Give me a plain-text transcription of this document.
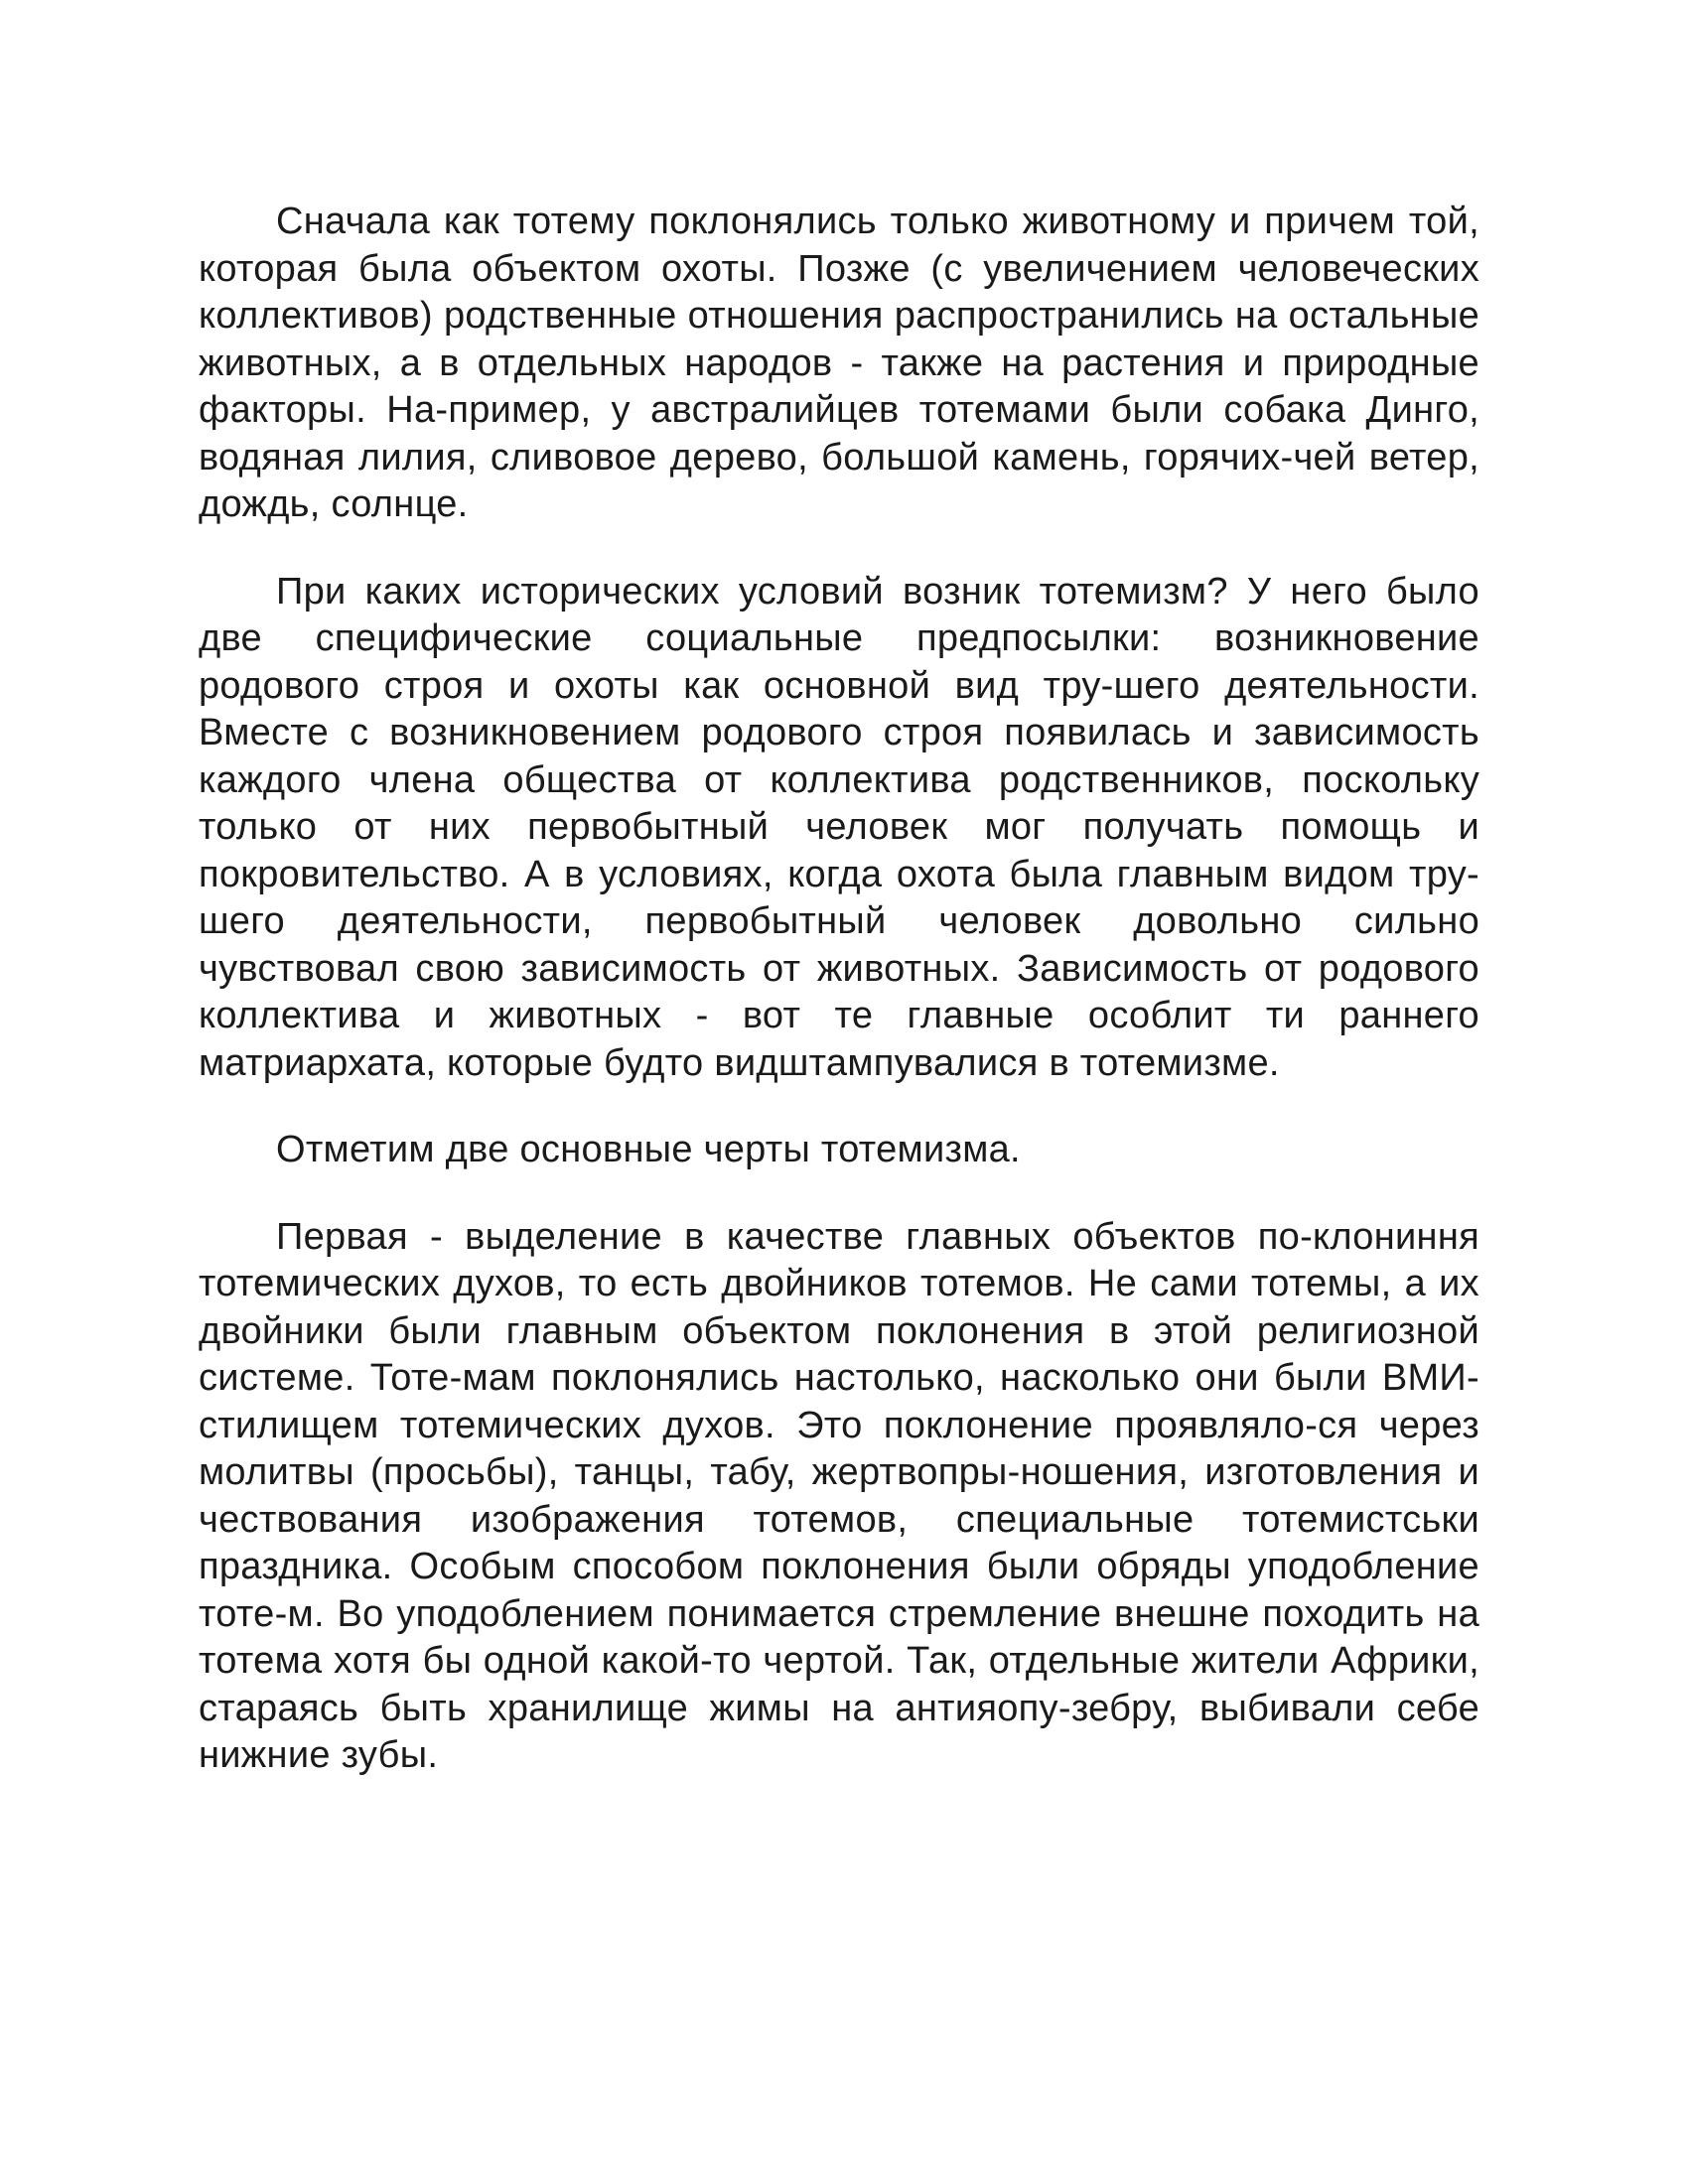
Сначала как тотему поклонялись только животному и причем той, которая была объектом охоты. Позже (с увеличением человеческих коллективов) родственные отношения распространились на остальные животных, а в отдельных народов - также на растения и природные факторы. На-пример, у австралийцев тотемами были собака Динго, водяная лилия, сливовое дерево, большой камень, горячих-чей ветер, дождь, солнце.

При каких исторических условий возник тотемизм? У него было две специфические социальные предпосылки: возникновение родового строя и охоты как основной вид тру-шего деятельности. Вместе с возникновением родового строя появилась и зависимость каждого члена общества от коллектива родственников, поскольку только от них первобытный человек мог получать помощь и покровительство. А в условиях, когда охота была главным видом тру-шего деятельности, первобытный человек довольно сильно чувствовал свою зависимость от животных. Зависимость от родового коллектива и животных - вот те главные особлит ти раннего матриархата, которые будто видштампувалися в тотемизме.

Отметим две основные черты тотемизма.

Первая - выделение в качестве главных объектов по-клониння тотемических духов, то есть двойников тотемов. Не сами тотемы, а их двойники были главным объектом поклонения в этой религиозной системе. Тоте-мам поклонялись настолько, насколько они были ВМИ-стилищем тотемических духов. Это поклонение проявляло-ся через молитвы (просьбы), танцы, табу, жертвопры-ношения, изготовления и чествования изображения тотемов, специальные тотемистськи праздника. Особым способом поклонения были обряды уподобление тоте-м. Во уподоблением понимается стремление внешне походить на тотема хотя бы одной какой-то чертой. Так, отдельные жители Африки, стараясь быть хранилище жимы на антияопу-зебру, выбивали себе нижние зубы.
